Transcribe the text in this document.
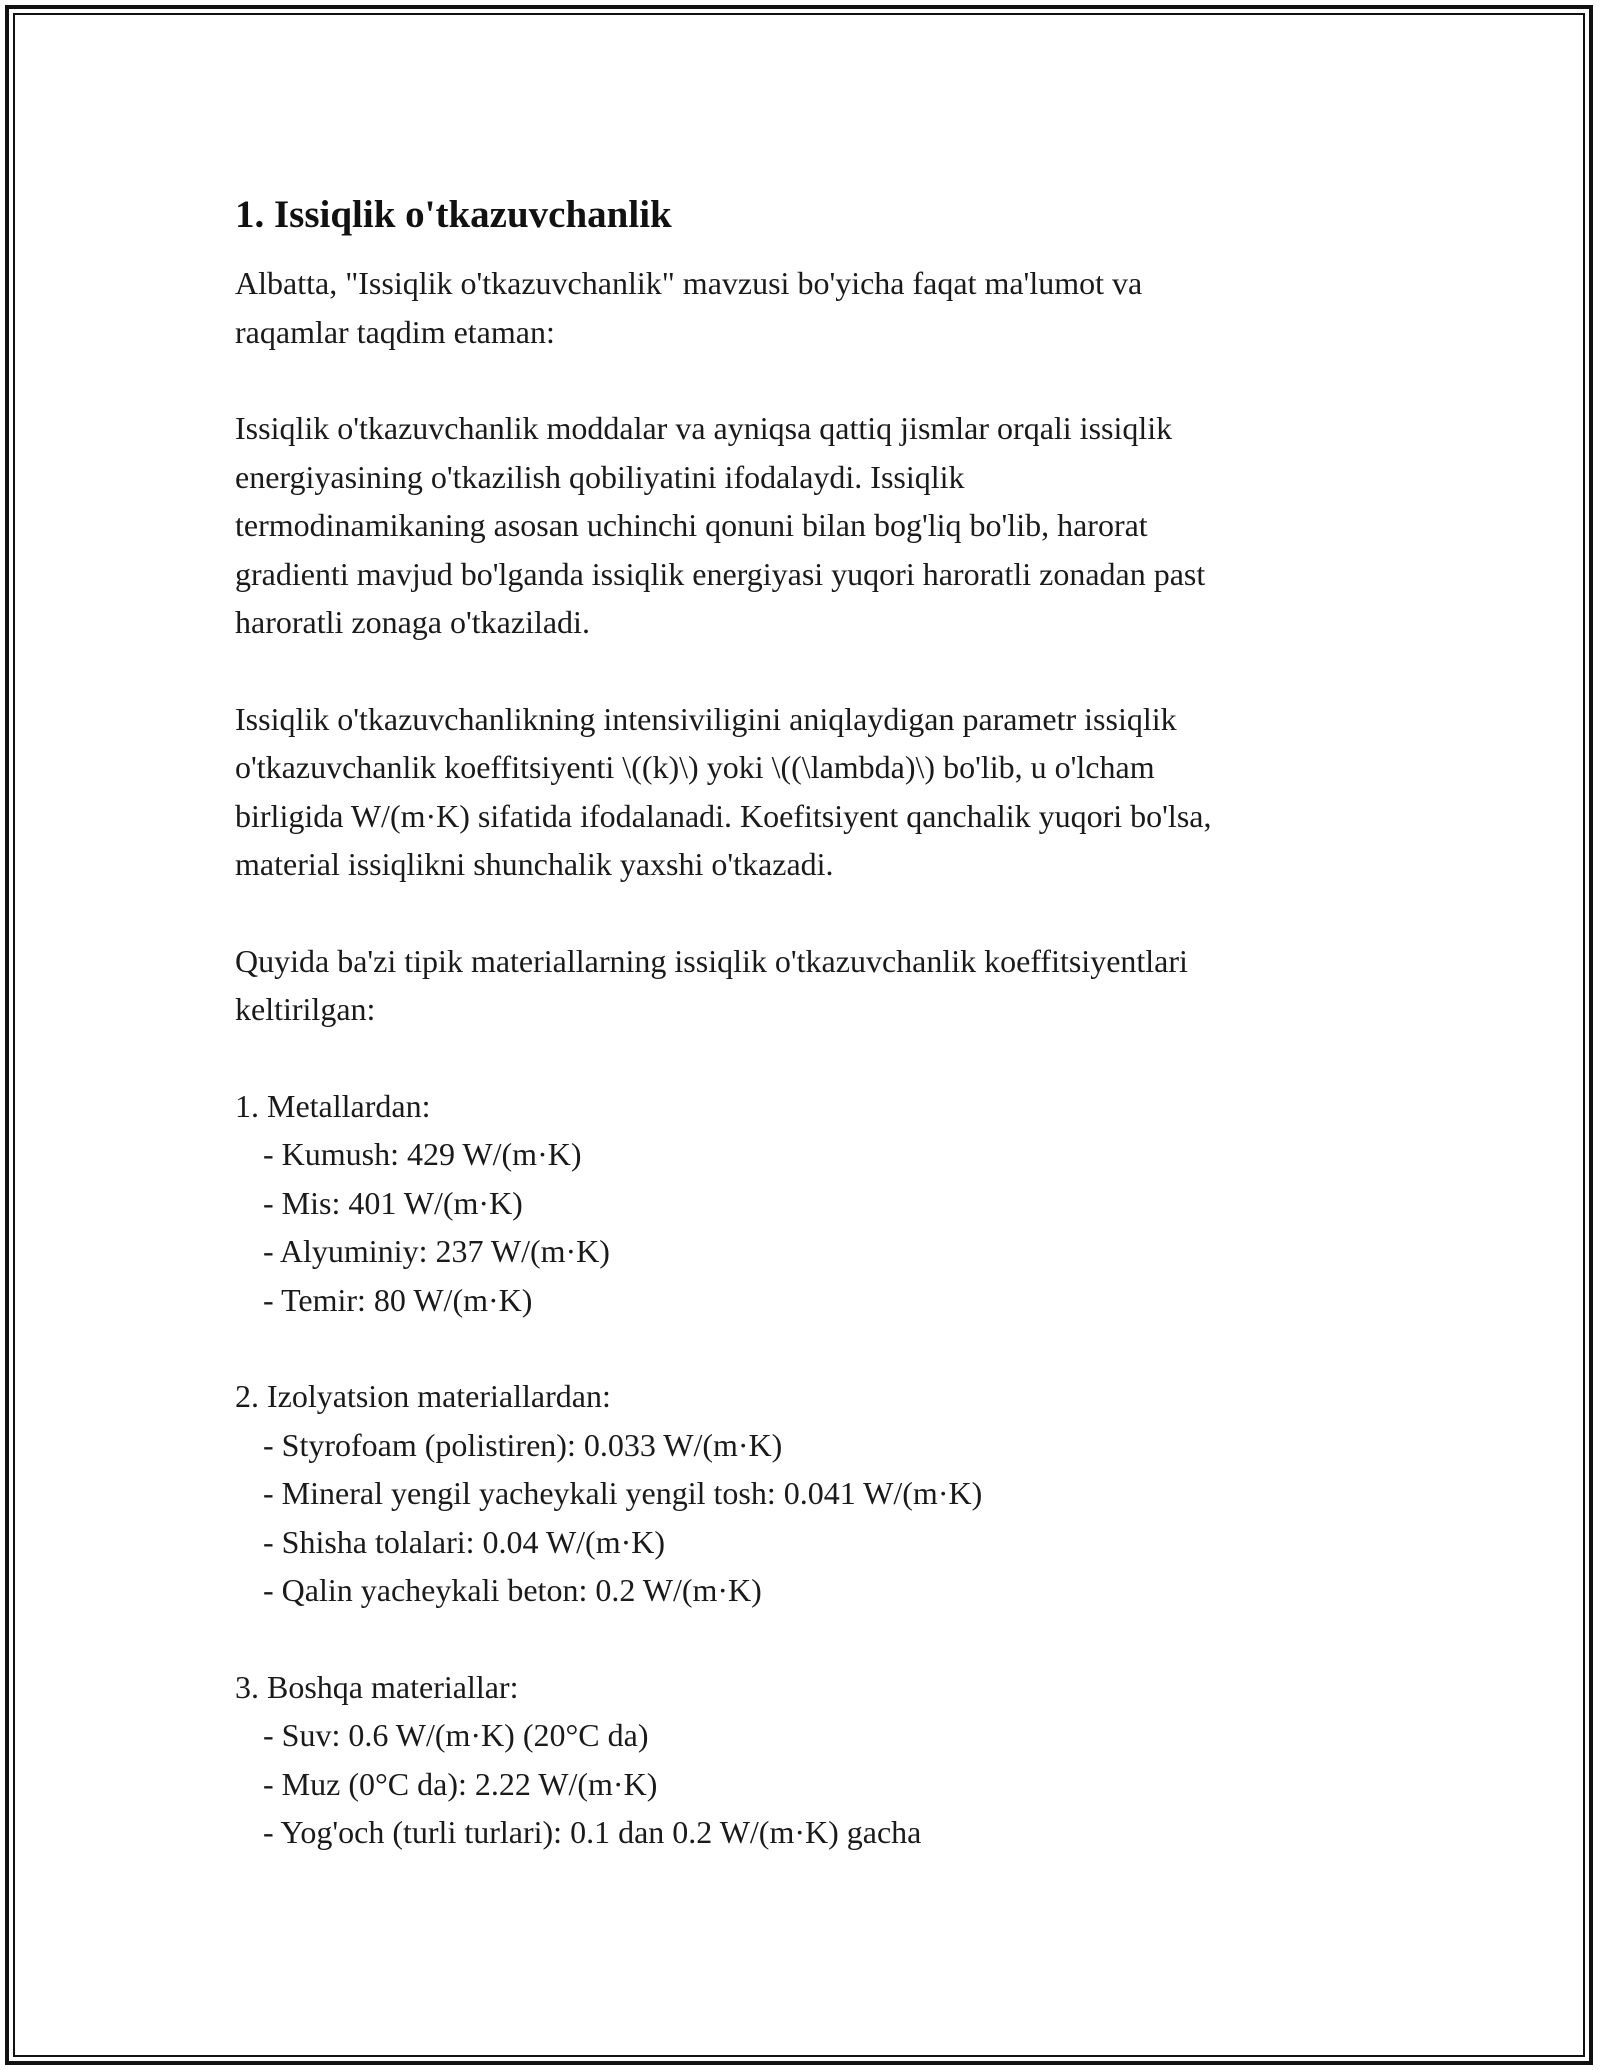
1. Issiqlik o'tkazuvchanlik

Albatta, "Issiqlik o'tkazuvchanlik" mavzusi bo'yicha faqat ma'lumot va
raqamlar taqdim etaman:

Issiqlik o'tkazuvchanlik moddalar va ayniqsa qattiq jismlar orqali issiqlik
energiyasining o'tkazilish qobiliyatini ifodalaydi. Issiqlik
termodinamikaning asosan uchinchi qonuni bilan bog'liq bo'lib, harorat
gradienti mavjud bo'lganda issiqlik energiyasi yuqori haroratli zonadan past
haroratli zonaga o'tkaziladi.

Issiqlik o'tkazuvchanlikning intensiviligini aniqlaydigan parametr issiqlik
o'tkazuvchanlik koeffitsiyenti \((k)\) yoki \((\lambda)\) bo'lib, u o'lcham
birligida W/(m·K) sifatida ifodalanadi. Koefitsiyent qanchalik yuqori bo'lsa,
material issiqlikni shunchalik yaxshi o'tkazadi.

Quyida ba'zi tipik materiallarning issiqlik o'tkazuvchanlik koeffitsiyentlari
keltirilgan:

1. Metallardan:
- Kumush: 429 W/(m·K)
- Mis: 401 W/(m·K)
- Alyuminiy: 237 W/(m·K)
- Temir: 80 W/(m·K)
2. Izolyatsion materiallardan:
- Styrofoam (polistiren): 0.033 W/(m·K)
- Mineral yengil yacheykali yengil tosh: 0.041 W/(m·K)
- Shisha tolalari: 0.04 W/(m·K)
- Qalin yacheykali beton: 0.2 W/(m·K)
3. Boshqa materiallar:
- Suv: 0.6 W/(m·K) (20°C da)
- Muz (0°C da): 2.22 W/(m·K)
- Yog'och (turli turlari): 0.1 dan 0.2 W/(m·K) gacha
